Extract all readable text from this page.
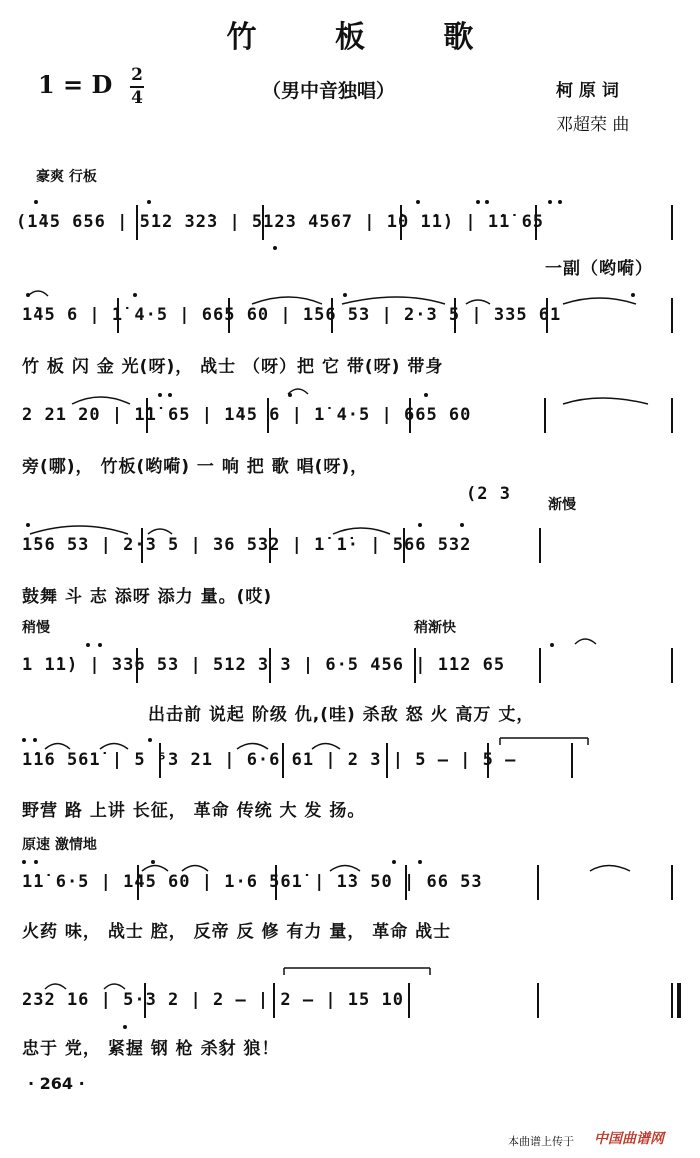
竹 板 歌
1 = D 2
4	（男中音独唱）	柯 原 词
邓超荣 曲
豪爽 行板
(1̇45 656 | 5̇12 32̇3 | 5123 4567 | 1̇0 1̇1̇) | 1̇1̇ 65
一副（哟嗬）
1̇45 6 | 1̇ 4·5 | 665 60 | 1̇56 53 | 2·3 5 | 335 61
竹 板 闪 金 光(呀)， 战士 （呀）把 它 带(呀) 带身
2 21 20 | 1̇1̇ 65 | 1̇45 6 | 1̇ 4·5 | 665 60
旁(哪)， 竹板(哟嗬) 一 响 把 歌 唱(呀)，
(2 3
渐慢
1̇56 53 | 2·3 5 | 36 532 | 1̇ 1̇· | 566 532
鼓舞 斗 志 添呀 添力 量。(哎)
稍慢	稍渐快
1 1̇1̇) | 336 53 | 512 3 3 | 6·5 456 | 1̇12 65
出击前 说起 阶级 仇,(哇) 杀敌 怒 火 高万 丈，
1̇16 561̇ | 5 ⁵3 21 | 6·6 61 | 2 3 | 5 — | 5 —
野营 路 上讲 长征， 革命 传统 大 发 扬。
原速 激情地
1̇1̇ 6·5 | 1̇45 60 | 1·6 561̇ | 1̇3 50 | 66 53
火药 味， 战士 腔， 反帝 反 修 有力 量， 革命 战士
232 16 | 5·3 2 | 2 — | 2 — | 15 10
忠于 党， 紧握 钢 枪 杀豺 狼！
· 264 ·
本曲谱上传于 中国曲谱网
